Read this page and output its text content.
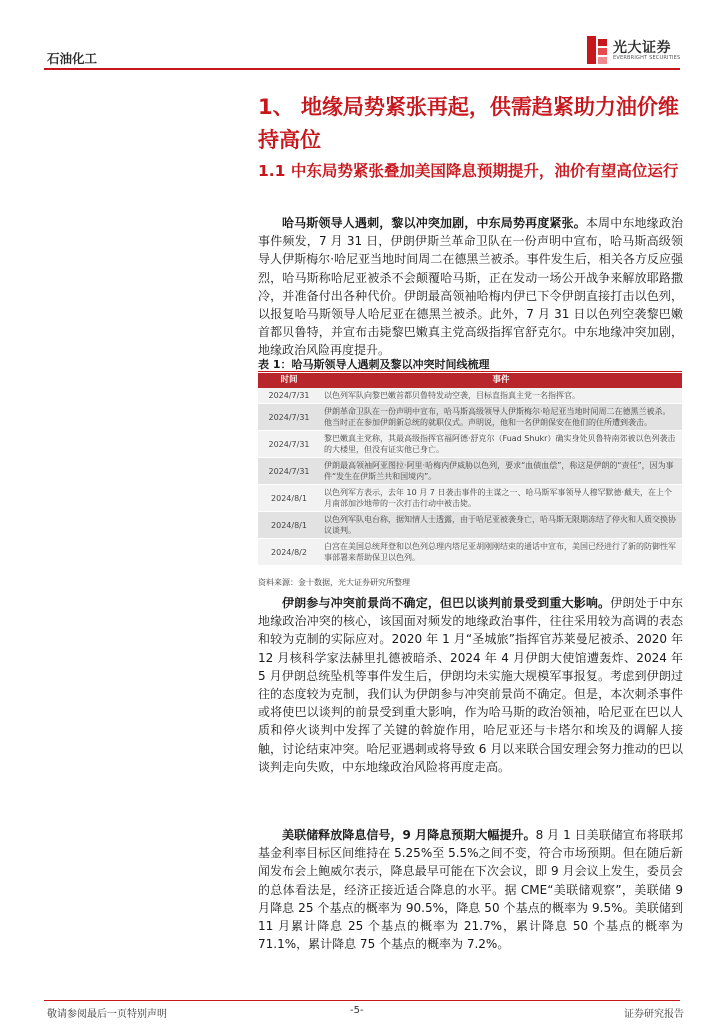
石油化工
光大证券
EVERBRIGHT SECURITIES
1、 地缘局势紧张再起，供需趋紧助力油价维持高位
1.1 中东局势紧张叠加美国降息预期提升，油价有望高位运行
哈马斯领导人遇刺，黎以冲突加剧，中东局势再度紧张。本周中东地缘政治事件频发，7 月 31 日，伊朗伊斯兰革命卫队在一份声明中宣布，哈马斯高级领导人伊斯梅尔·哈尼亚当地时间周二在德黑兰被杀。事件发生后，相关各方反应强烈，哈马斯称哈尼亚被杀不会颠覆哈马斯，正在发动一场公开战争来解放耶路撒冷，并准备付出各种代价。伊朗最高领袖哈梅内伊已下令伊朗直接打击以色列，以报复哈马斯领导人哈尼亚在德黑兰被杀。此外，7 月 31 日以色列空袭黎巴嫩首都贝鲁特，并宣布击毙黎巴嫩真主党高级指挥官舒克尔。中东地缘冲突加剧，地缘政治风险再度提升。
表 1：哈马斯领导人遇刺及黎以冲突时间线梳理
时间	事件
2024/7/31	以色列军队向黎巴嫩首都贝鲁特发动空袭，目标直指真主党一名指挥官。
2024/7/31	伊朗革命卫队在一份声明中宣布，哈马斯高级领导人伊斯梅尔·哈尼亚当地时间周二在德黑兰被杀。他当时正在参加伊朗新总统的就职仪式。声明说，他和一名伊朗保安在他们的住所遭到袭击。
2024/7/31	黎巴嫩真主党称，其最高级指挥官福阿德·舒克尔（Fuad Shukr）确实身处贝鲁特南郊被以色列袭击的大楼里，但没有证实他已身亡。
2024/7/31	伊朗最高领袖阿亚图拉·阿里·哈梅内伊威胁以色列，要求“血债血偿”，称这是伊朗的“责任”，因为事件“发生在伊斯兰共和国境内”。
2024/8/1	以色列军方表示，去年 10 月 7 日袭击事件的主谋之一、哈马斯军事领导人穆罕默德·戴夫，在上个月南部加沙地带的一次打击行动中被击毙。
2024/8/1	以色列军队电台称，据知情人士透露，由于哈尼亚被袭身亡，哈马斯无限期冻结了停火和人质交换协议谈判。
2024/8/2	白宫在美国总统拜登和以色列总理内塔尼亚胡刚刚结束的通话中宣布，美国已经进行了新的防御性军事部署来帮助保卫以色列。
资料来源：金十数据，光大证券研究所整理
伊朗参与冲突前景尚不确定，但巴以谈判前景受到重大影响。伊朗处于中东地缘政治冲突的核心，该国面对频发的地缘政治事件，往往采用较为高调的表态和较为克制的实际应对。2020 年 1 月“圣城旅”指挥官苏莱曼尼被杀、2020 年 12 月核科学家法赫里扎德被暗杀、2024 年 4 月伊朗大使馆遭轰炸、2024 年 5 月伊朗总统坠机等事件发生后，伊朗均未实施大规模军事报复。考虑到伊朗过往的态度较为克制，我们认为伊朗参与冲突前景尚不确定。但是，本次刺杀事件或将使巴以谈判的前景受到重大影响，作为哈马斯的政治领袖，哈尼亚在巴以人质和停火谈判中发挥了关键的斡旋作用，哈尼亚还与卡塔尔和埃及的调解人接触，讨论结束冲突。哈尼亚遇刺或将导致 6 月以来联合国安理会努力推动的巴以谈判走向失败，中东地缘政治风险将再度走高。
美联储释放降息信号，9 月降息预期大幅提升。8 月 1 日美联储宣布将联邦基金利率目标区间维持在 5.25%至 5.5%之间不变，符合市场预期。但在随后新闻发布会上鲍威尔表示，降息最早可能在下次会议，即 9 月会议上发生，委员会的总体看法是，经济正接近适合降息的水平。据 CME“美联储观察”，美联储 9 月降息 25 个基点的概率为 90.5%，降息 50 个基点的概率为 9.5%。美联储到 11 月累计降息 25 个基点的概率为 21.7%，累计降息 50 个基点的概率为 71.1%，累计降息 75 个基点的概率为 7.2%。
敬请参阅最后一页特别声明	-5-	证券研究报告
